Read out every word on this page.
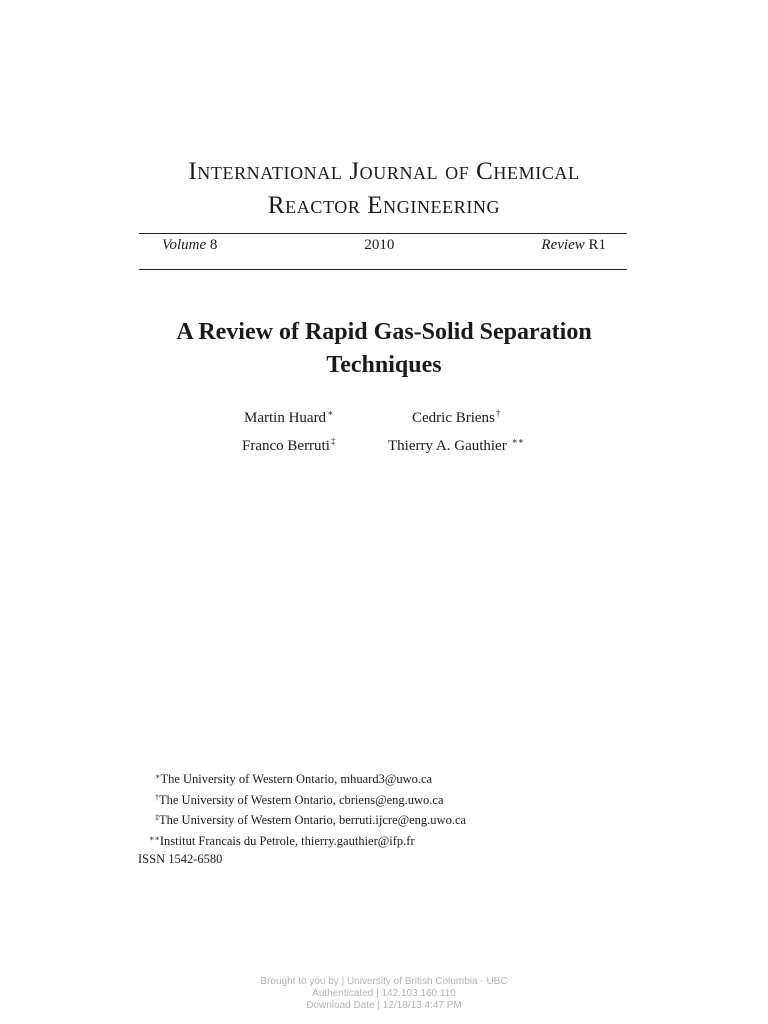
International Journal of Chemical
Reactor Engineering
Volume 8	2010	Review R1
A Review of Rapid Gas-Solid Separation
Techniques
Martin Huard∗	Cedric Briens†
Franco Berruti‡	Thierry A. Gauthier ∗∗
∗The University of Western Ontario, mhuard3@uwo.ca
†The University of Western Ontario, cbriens@eng.uwo.ca
‡The University of Western Ontario, berruti.ijcre@eng.uwo.ca
∗∗Institut Francais du Petrole, thierry.gauthier@ifp.fr
ISSN 1542-6580
Brought to you by | University of British Columbia - UBC
Authenticated | 142.103.160.110
Download Date | 12/18/13 4:47 PM
